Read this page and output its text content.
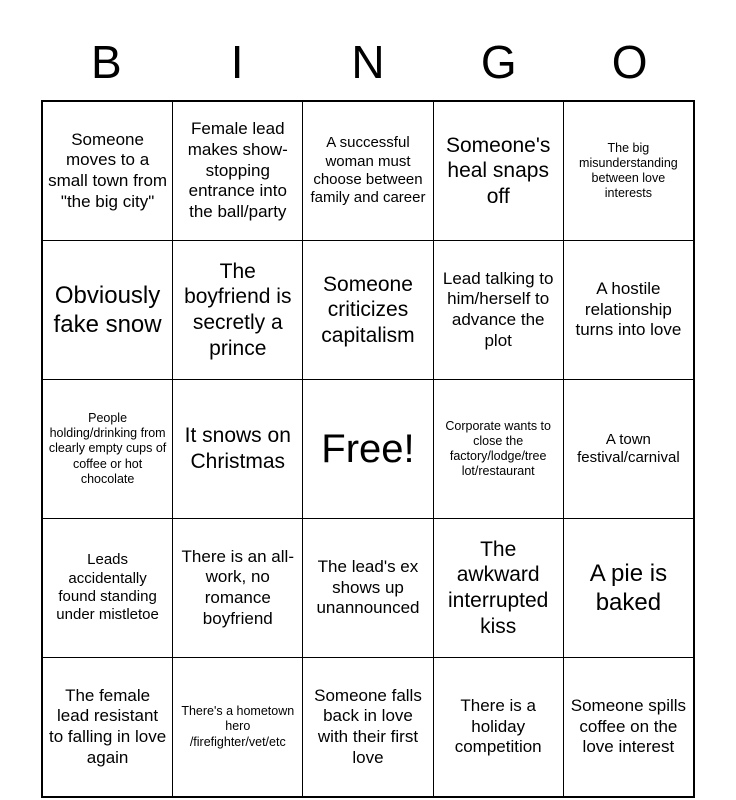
B	I	N	G	O
Someone moves to a small town from "the big city"	Female lead makes show-stopping entrance into the ball/party	A successful woman must choose between family and career	Someone's heal snaps off	The big misunderstanding between love interests

Obviously fake snow	The boyfriend is secretly a prince	Someone criticizes capitalism	Lead talking to him/herself to advance the plot	A hostile relationship turns into love

People holding/drinking from clearly empty cups of coffee or hot chocolate	It snows on Christmas	Free!	Corporate wants to close the factory/lodge/tree lot/restaurant	A town festival/carnival

Leads accidentally found standing under mistletoe	There is an all-work, no romance boyfriend	The lead's ex shows up unannounced	The awkward interrupted kiss	A pie is baked

The female lead resistant to falling in love again	There's a hometown hero /firefighter/vet/etc	Someone falls back in love with their first love	There is a holiday competition	Someone spills coffee on the love interest
